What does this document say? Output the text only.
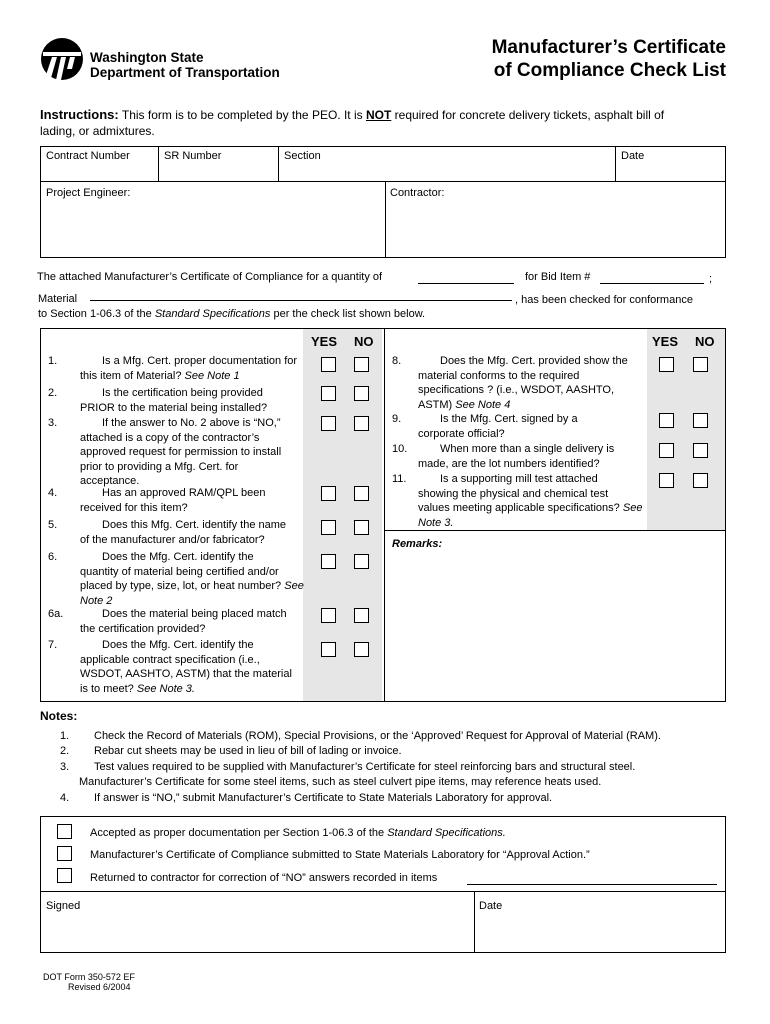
Washington State
Department of Transportation
Manufacturer’s Certificate
of Compliance Check List
Instructions: This form is to be completed by the PEO. It is NOT required for concrete delivery tickets, asphalt bill of
lading, or admixtures.
Contract Number	SR Number	Section	Date
Project Engineer:	Contractor:
The attached Manufacturer’s Certificate of Compliance for a quantity of	for Bid Item #	;
Material	, has been checked for conformance
to Section 1-06.3 of the Standard Specifications per the check list shown below.
YES NO	YES NO
1.	Is a Mfg. Cert. proper documentation for
this item of Material? See Note 1
2.	Is the certification being provided
PRIOR to the material being installed?
3.	If the answer to No. 2 above is “NO,”
attached is a copy of the contractor’s
approved request for permission to install
prior to providing a Mfg. Cert. for
acceptance.
4.	Has an approved RAM/QPL been
received for this item?
5.	Does this Mfg. Cert. identify the name
of the manufacturer and/or fabricator?
6.	Does the Mfg. Cert. identify the
quantity of material being certified and/or
placed by type, size, lot, or heat number? See Note 2
6a.	Does the material being placed match
the certification provided?
7.	Does the Mfg. Cert. identify the
applicable contract specification (i.e.,
WSDOT, AASHTO, ASTM) that the material
is to meet? See Note 3.
8.	Does the Mfg. Cert. provided show the
material conforms to the required
specifications ? (i.e., WSDOT, AASHTO,
ASTM) See Note 4
9.	Is the Mfg. Cert. signed by a
corporate official?
10.	When more than a single delivery is
made, are the lot numbers identified?
11.	Is a supporting mill test attached
showing the physical and chemical test
values meeting applicable specifications? See Note 3.
Remarks:
Notes:
1. Check the Record of Materials (ROM), Special Provisions, or the ‘Approved’ Request for Approval of Material (RAM).
2. Rebar cut sheets may be used in lieu of bill of lading or invoice.
3. Test values required to be supplied with Manufacturer’s Certificate for steel reinforcing bars and structural steel.
Manufacturer’s Certificate for some steel items, such as steel culvert pipe items, may reference heats used.
4. If answer is “NO,” submit Manufacturer’s Certificate to State Materials Laboratory for approval.
Accepted as proper documentation per Section 1-06.3 of the Standard Specifications.
Manufacturer’s Certificate of Compliance submitted to State Materials Laboratory for “Approval Action.”
Returned to contractor for correction of “NO” answers recorded in items
Signed	Date
DOT Form 350-572 EF
Revised 6/2004
